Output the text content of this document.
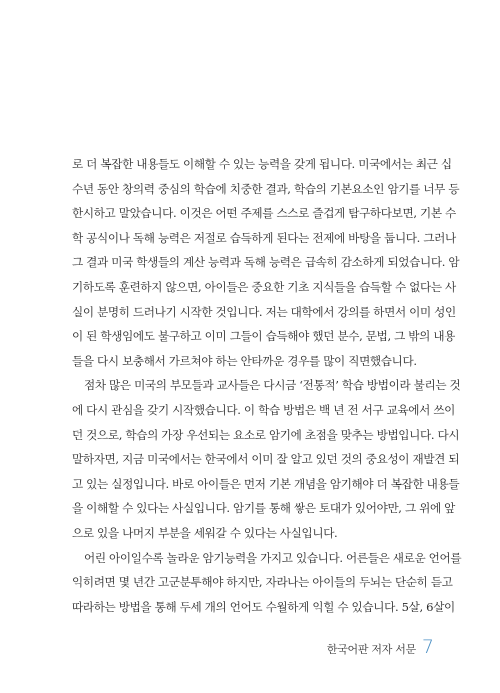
로 더 복잡한 내용들도 이해할 수 있는 능력을 갖게 됩니다. 미국에서는 최근 십
수년 동안 창의력 중심의 학습에 치중한 결과, 학습의 기본요소인 암기를 너무 등
한시하고 말았습니다. 이것은 어떤 주제를 스스로 즐겁게 탐구하다보면, 기본 수
학 공식이나 독해 능력은 저절로 습득하게 된다는 전제에 바탕을 둡니다. 그러나
그 결과 미국 학생들의 계산 능력과 독해 능력은 급속히 감소하게 되었습니다. 암
기하도록 훈련하지 않으면, 아이들은 중요한 기초 지식들을 습득할 수 없다는 사
실이 분명히 드러나기 시작한 것입니다. 저는 대학에서 강의를 하면서 이미 성인
이 된 학생임에도 불구하고 이미 그들이 습득해야 했던 분수, 문법, 그 밖의 내용
들을 다시 보충해서 가르쳐야 하는 안타까운 경우를 많이 직면했습니다.
점차 많은 미국의 부모들과 교사들은 다시금 ‘전통적’ 학습 방법이라 불리는 것
에 다시 관심을 갖기 시작했습니다. 이 학습 방법은 백 년 전 서구 교육에서 쓰이
던 것으로, 학습의 가장 우선되는 요소로 암기에 초점을 맞추는 방법입니다. 다시
말하자면, 지금 미국에서는 한국에서 이미 잘 알고 있던 것의 중요성이 재발견 되
고 있는 실정입니다. 바로 아이들은 먼저 기본 개념을 암기해야 더 복잡한 내용들
을 이해할 수 있다는 사실입니다. 암기를 통해 쌓은 토대가 있어야만, 그 위에 앞
으로 있을 나머지 부분을 세워갈 수 있다는 사실입니다.
어린 아이일수록 놀라운 암기능력을 가지고 있습니다. 어른들은 새로운 언어를
익히려면 몇 년간 고군분투해야 하지만, 자라나는 아이들의 두뇌는 단순히 듣고
따라하는 방법을 통해 두세 개의 언어도 수월하게 익힐 수 있습니다. 5살, 6살이
한국어판 저자 서문 7
